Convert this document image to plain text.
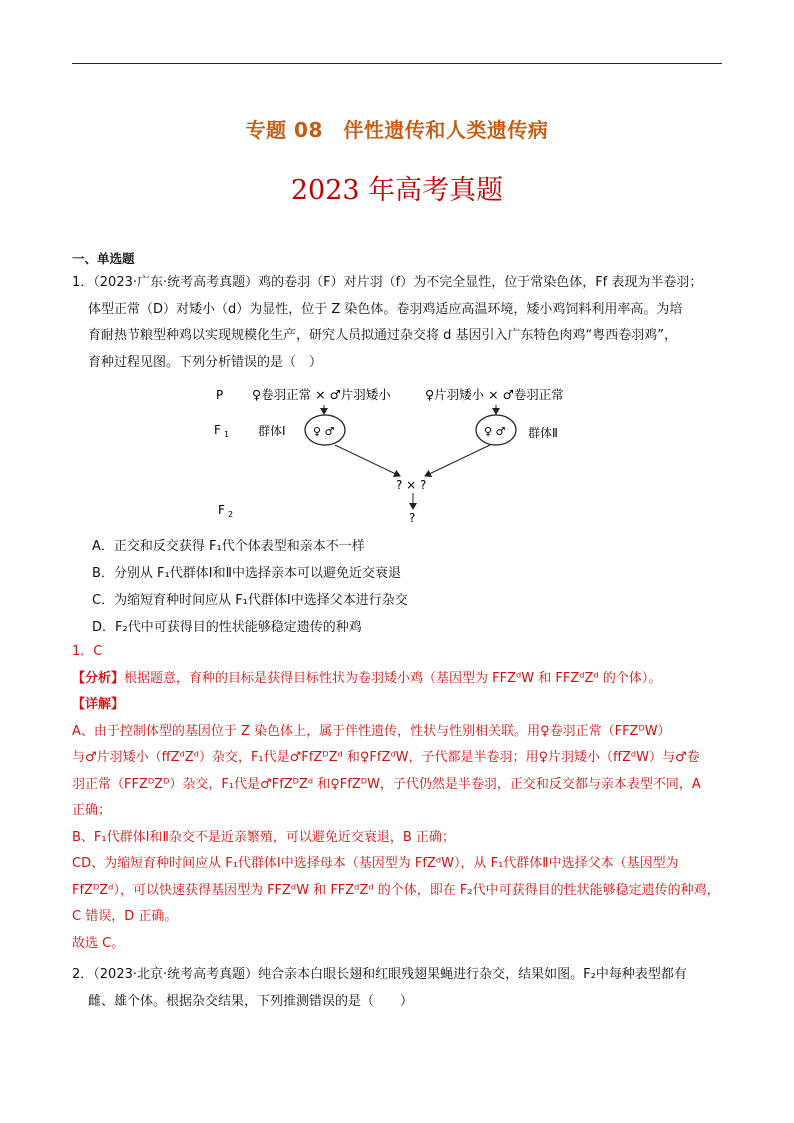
专题 08　伴性遗传和人类遗传病
2023 年高考真题
一、单选题
1．（2023·广东·统考高考真题）鸡的卷羽（F）对片羽（f）为不完全显性，位于常染色体，Ff 表现为半卷羽；
体型正常（D）对矮小（d）为显性，位于 Z 染色体。卷羽鸡适应高温环境，矮小鸡饲料利用率高。为培
育耐热节粮型种鸡以实现规模化生产，研究人员拟通过杂交将 d 基因引入广东特色肉鸡“粤西卷羽鸡”，
育种过程见图。下列分析错误的是（　）
P
F 1
F 2
♀卷羽正常 × ♂片羽矮小	♀片羽矮小 × ♂卷羽正常
♀ ♂	♀ ♂
群体Ⅰ	群体Ⅱ
? × ?
?
A．正交和反交获得 F₁代个体表型和亲本不一样
B．分别从 F₁代群体Ⅰ和Ⅱ中选择亲本可以避免近交衰退
C．为缩短育种时间应从 F₁代群体Ⅰ中选择父本进行杂交
D．F₂代中可获得目的性状能够稳定遗传的种鸡
1．C
【分析】根据题意，育种的目标是获得目标性状为卷羽矮小鸡（基因型为 FFZᵈW 和 FFZᵈZᵈ 的个体）。
【详解】A、由于控制体型的基因位于 Z 染色体上，属于伴性遗传，性状与性别相关联。用♀卷羽正常（FFZᴰW）
与♂片羽矮小（ffZᵈZᵈ）杂交，F₁代是♂FfZᴰZᵈ 和♀FfZᵈW，子代都是半卷羽；用♀片羽矮小（ffZᵈW）与♂卷
羽正常（FFZᴰZᴰ）杂交，F₁代是♂FfZᴰZᵈ 和♀FfZᴰW，子代仍然是半卷羽，正交和反交都与亲本表型不同，A
正确；
B、F₁代群体Ⅰ和Ⅱ杂交不是近亲繁殖，可以避免近交衰退，B 正确；
CD、为缩短育种时间应从 F₁代群体Ⅰ中选择母本（基因型为 FfZᵈW），从 F₁代群体Ⅱ中选择父本（基因型为
FfZᴰZᵈ），可以快速获得基因型为 FFZᵈW 和 FFZᵈZᵈ 的个体，即在 F₂代中可获得目的性状能够稳定遗传的种鸡，
C 错误，D 正确。
故选 C。
2．（2023·北京·统考高考真题）纯合亲本白眼长翅和红眼残翅果蝇进行杂交，结果如图。F₂中每种表型都有
雌、雄个体。根据杂交结果，下列推测错误的是（　　）
